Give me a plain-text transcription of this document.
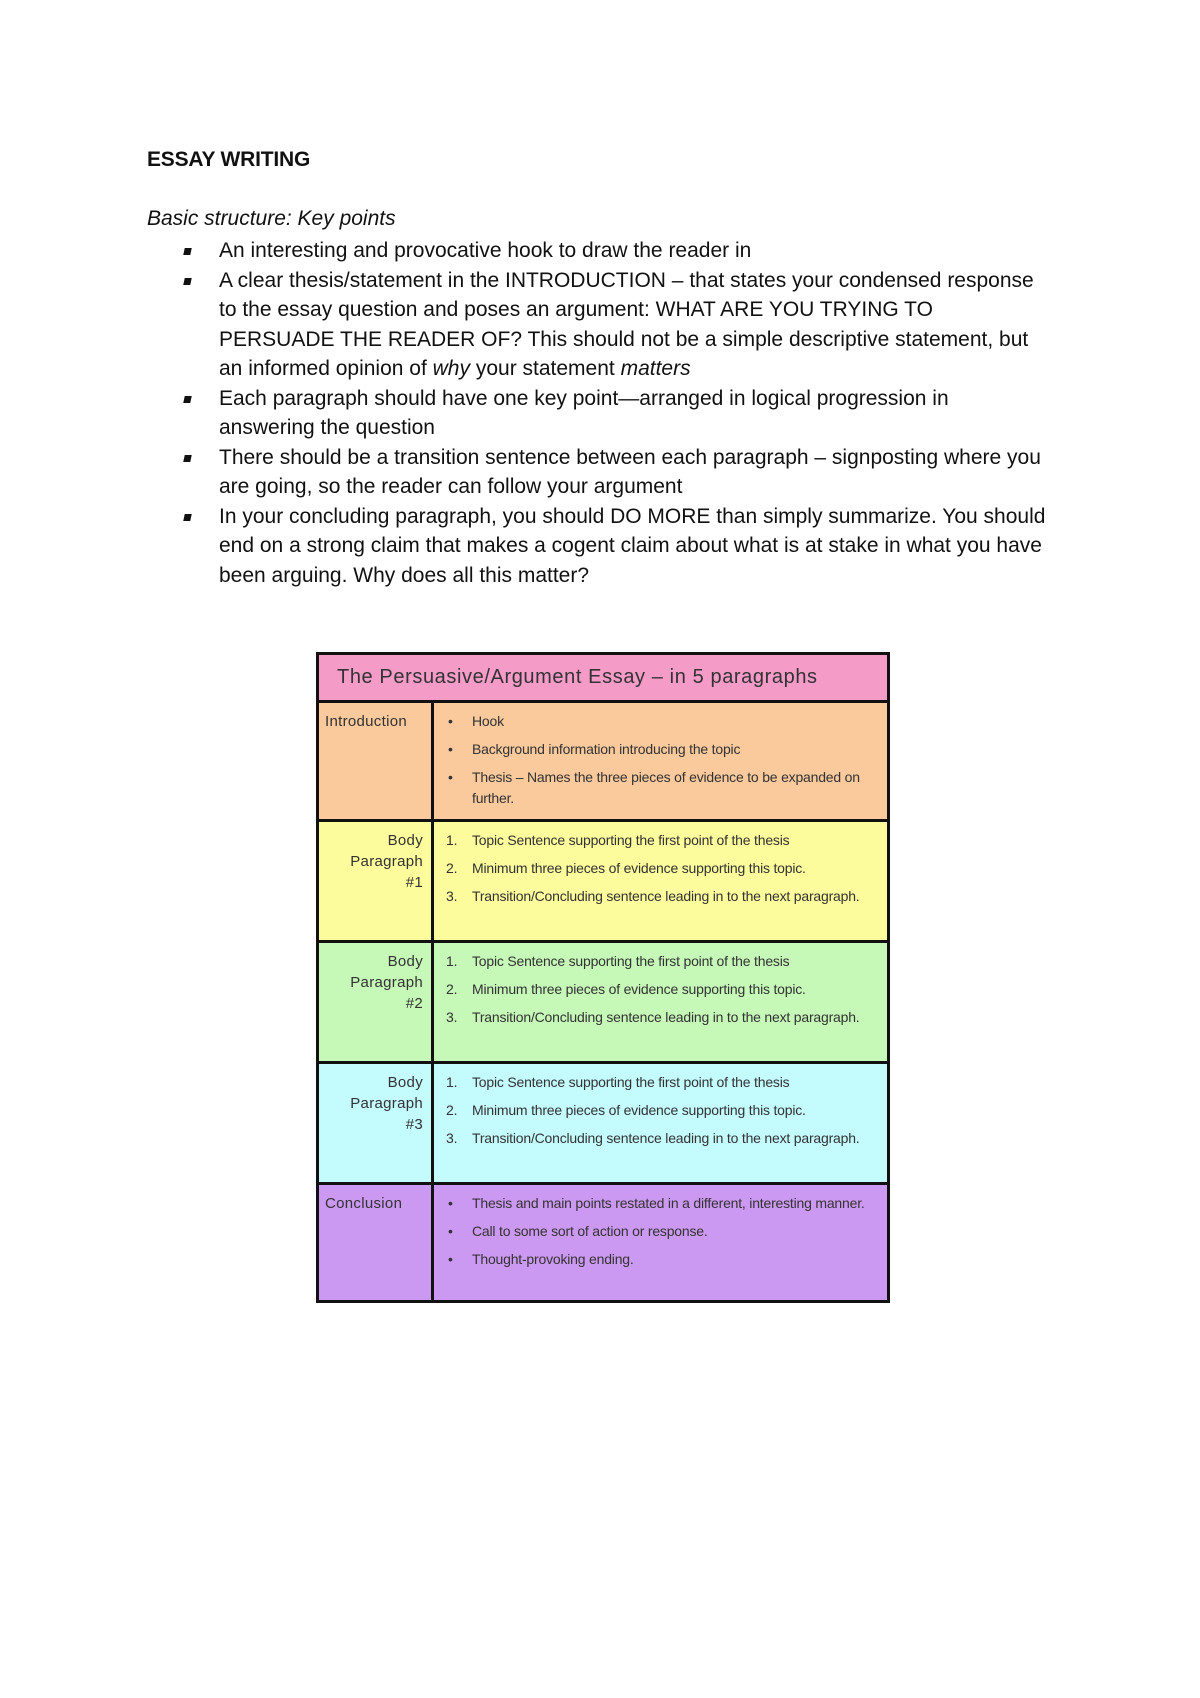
ESSAY WRITING
Basic structure: Key points
An interesting and provocative hook to draw the reader in
A clear thesis/statement in the INTRODUCTION – that states your condensed response to the essay question and poses an argument: WHAT ARE YOU TRYING TO PERSUADE THE READER OF? This should not be a simple descriptive statement, but an informed opinion of why your statement matters
Each paragraph should have one key point—arranged in logical progression in answering the question
There should be a transition sentence between each paragraph – signposting where you are going, so the reader can follow your argument
In your concluding paragraph, you should DO MORE than simply summarize. You should end on a strong claim that makes a cogent claim about what is at stake in what you have been arguing. Why does all this matter?
The Persuasive/Argument Essay – in 5 paragraphs
Introduction	• Hook
• Background information introducing the topic
• Thesis – Names the three pieces of evidence to be expanded on further.
Body
Paragraph
#1
1. Topic Sentence supporting the first point of the thesis
2. Minimum three pieces of evidence supporting this topic.
3. Transition/Concluding sentence leading in to the next paragraph.
Body
Paragraph
#2
1. Topic Sentence supporting the first point of the thesis
2. Minimum three pieces of evidence supporting this topic.
3. Transition/Concluding sentence leading in to the next paragraph.
Body
Paragraph
#3
1. Topic Sentence supporting the first point of the thesis
2. Minimum three pieces of evidence supporting this topic.
3. Transition/Concluding sentence leading in to the next paragraph.
Conclusion	• Thesis and main points restated in a different, interesting manner.
• Call to some sort of action or response.
• Thought-provoking ending.
